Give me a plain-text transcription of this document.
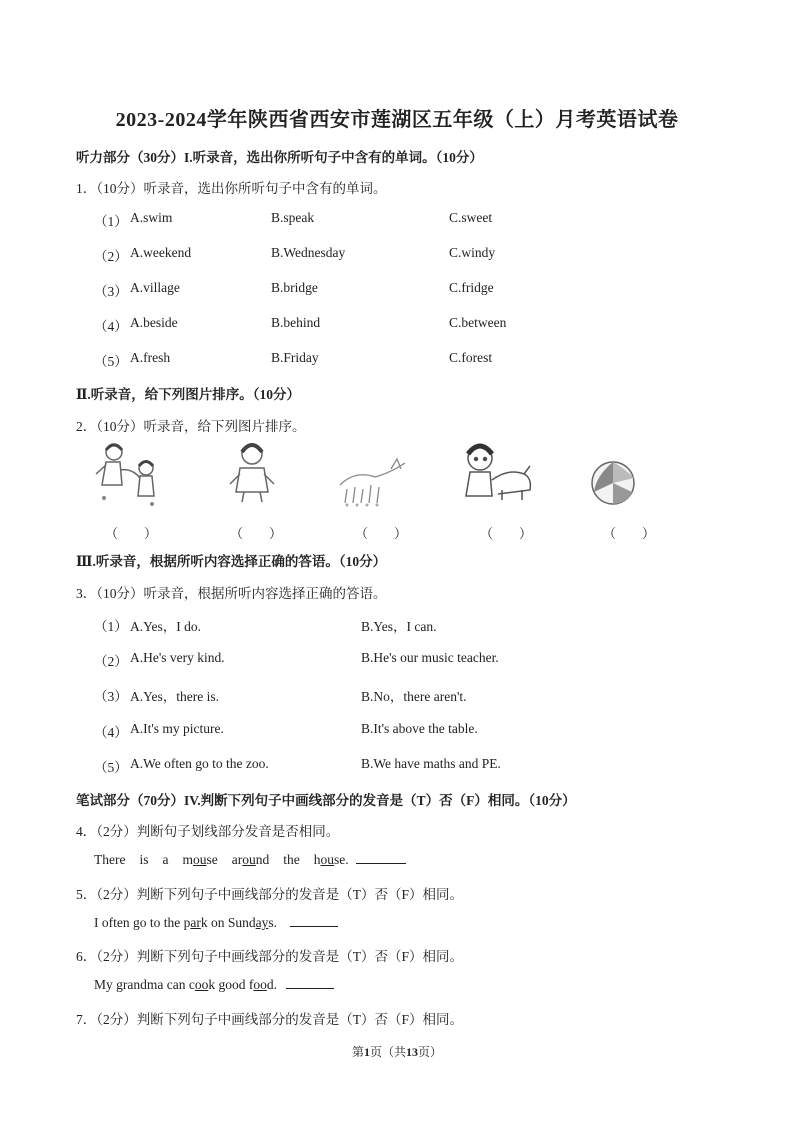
2023-2024学年陕西省西安市莲湖区五年级（上）月考英语试卷
听力部分（30分）I.听录音，选出你所听句子中含有的单词。（10分）
1．（10分）听录音，选出你所听句子中含有的单词。
（1） A.swim	B.speak	C.sweet
（2） A.weekend	B.Wednesday	C.windy
（3） A.village	B.bridge	C.fridge
（4） A.beside	B.behind	C.between
（5） A.fresh	B.Friday	C.forest
Ⅱ.听录音，给下列图片排序。（10分）
2．（10分）听录音，给下列图片排序。
（　　）	（　　）	（　　）	（　　）	（　　）
Ⅲ.听录音，根据所听内容选择正确的答语。（10分）
3．（10分）听录音，根据所听内容选择正确的答语。
（1） A.Yes，I do.	B.Yes，I can.
（2） A.He's very kind.	B.He's our music teacher.
（3） A.Yes，there is.	B.No，there aren't.
（4） A.It's my picture.	B.It's above the table.
（5） A.We often go to the zoo.	B.We have maths and PE.
笔试部分（70分）IV.判断下列句子中画线部分的发音是（T）否（F）相同。（10分）
4．（2分）判断句子划线部分发音是否相同。
There is a mouse around the house.
5．（2分）判断下列句子中画线部分的发音是（T）否（F）相同。
I often go to the park on Sundays.
6．（2分）判断下列句子中画线部分的发音是（T）否（F）相同。
My grandma can cook good food.
7．（2分）判断下列句子中画线部分的发音是（T）否（F）相同。
第1页（共13页）
